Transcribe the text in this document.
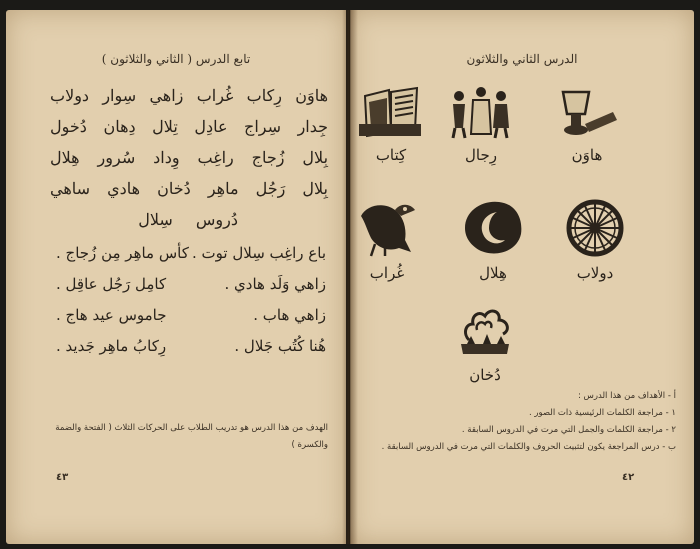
تابع الدرس ( الثاني والثلاثون )
هاوَن رِكاب غُراب زاهي سِوار دولاب
جِدار سِراج عادِل تِلال دِهان دُخول
بِلال زُجاج راغِب وِداد سُرور هِلال
بِلال رَجُل ماهِر دُخان هادي ساهي
دُروس سِلال
كأس ماهِر مِن زُجاج . باع راغِب سِلال توت .
كامِل رَجُل عاقِل .	زاهي وَلَد هادي .
جاموس عيد هاج .	زاهي هاب .
رِكابُ ماهِر جَديد .	هُنا كُتُب جَلال .
الهدف من هذا الدرس هو تدريب الطلاب على الحركات الثلاث ( الفتحة والضمة والكسرة )
٤٣
الدرس الثاني والثلاثون
كِتاب	رِجال	هاوَن
غُراب	هِلال	دولاب
دُخان
أ - الأهداف من هذا الدرس :
١ - مراجعة الكلمات الرئيسية ذات الصور .
٢ - مراجعة الكلمات والجمل التي مرت في الدروس السابقة .
ب - درس المراجعة يكون لتثبيت الحروف والكلمات التي مرت في الدروس السابقة .
٤٢
